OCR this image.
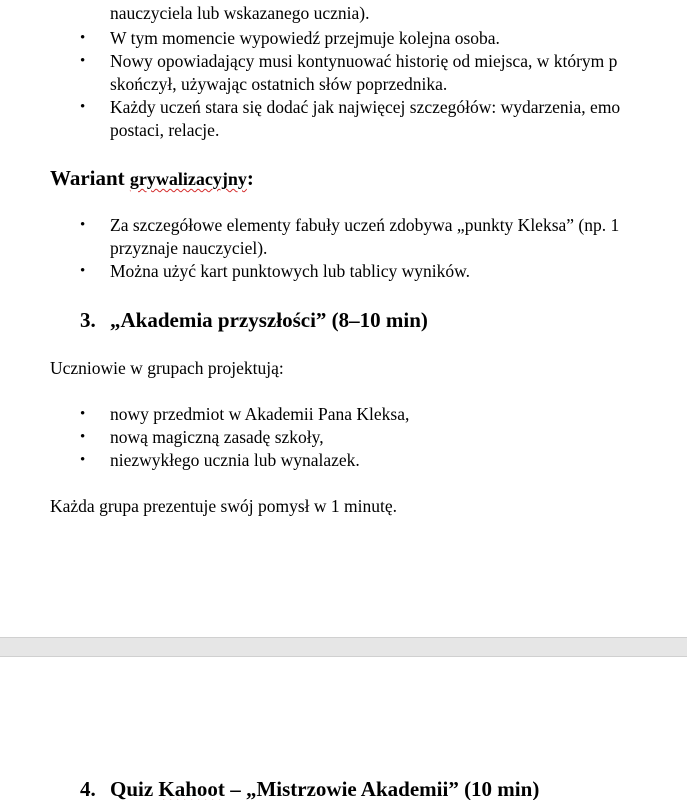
nauczyciela lub wskazanego ucznia).
• W tym momencie wypowiedź przejmuje kolejna osoba.
• Nowy opowiadający musi kontynuować historię od miejsca, w którym p
skończył, używając ostatnich słów poprzednika.
• Każdy uczeń stara się dodać jak najwięcej szczegółów: wydarzenia, emo
postaci, relacje.
Wariant grywalizacyjny:
• Za szczegółowe elementy fabuły uczeń zdobywa „punkty Kleksa” (np. 1
przyznaje nauczyciel).
• Można użyć kart punktowych lub tablicy wyników.
3. „Akademia przyszłości” (8–10 min)
Uczniowie w grupach projektują:
• nowy przedmiot w Akademii Pana Kleksa,
• nową magiczną zasadę szkoły,
• niezwykłego ucznia lub wynalazek.
Każda grupa prezentuje swój pomysł w 1 minutę.
4. Quiz Kahoot – „Mistrzowie Akademii” (10 min)
